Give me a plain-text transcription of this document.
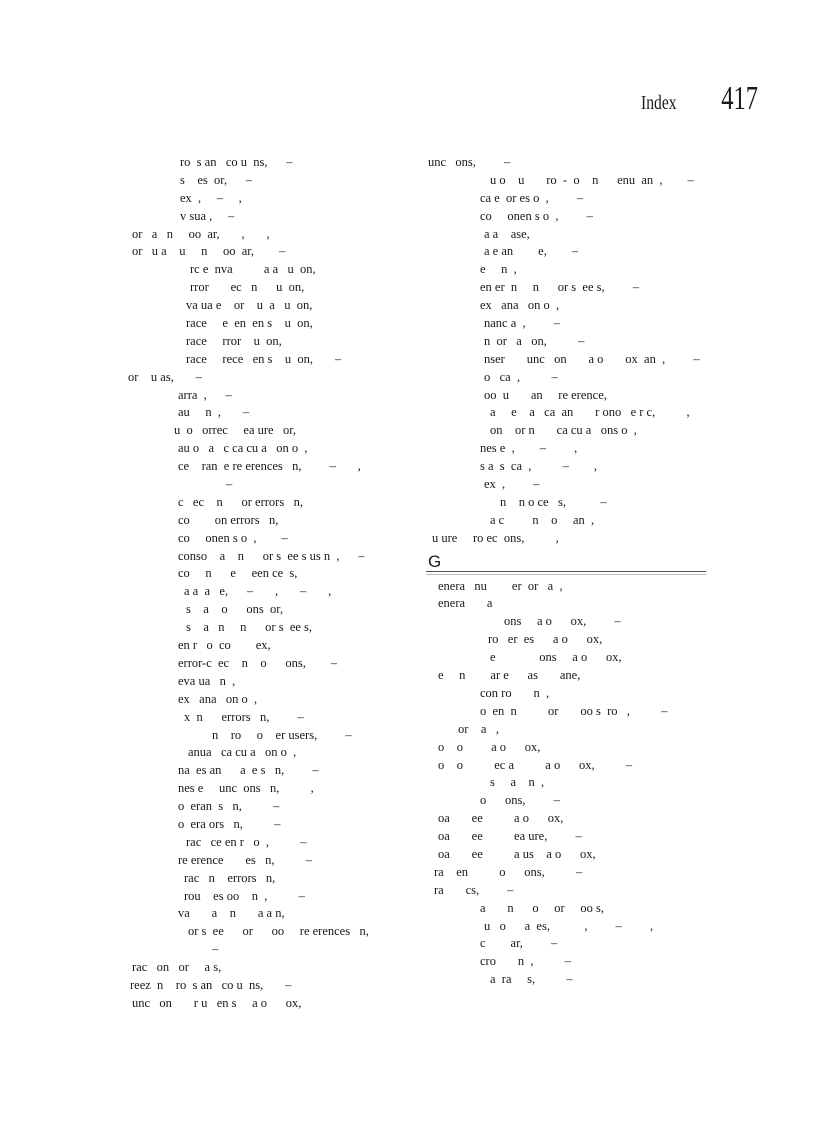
Index 417
ro  s an   co u  ns,      –
s    es  or,      –
ex  ,     –     ,
v sua ,     –
or   a   n     oo  ar,       ,       ,
or   u a    u     n     oo  ar,        –
rc e  nva          a a   u  on,
rror       ec   n      u  on,
va ua e    or    u  a   u  on,
race     e  en  en s    u  on,
race     rror    u  on,
race     rece   en s    u  on,       –
or    u as,       –
arra  ,      –
au     n  ,       –
u  o   orrec     ea ure   or,
au o   a   c ca cu a   on o  ,
ce    ran  e re erences   n,         –       ,
–
c   ec    n      or errors   n,
co        on errors   n,
co     onen s o  ,        –
conso    a    n      or s  ee s us n  ,      –
co     n      e     een ce  s,
a a  a   e,      –       ,       –       ,
s    a    o      ons  or,
s    a   n     n      or s  ee s,
en r   o  co        ex,
error-c  ec    n    o      ons,        –
eva ua   n  ,
ex   ana   on o  ,
x  n      errors   n,         –
n    ro     o    er users,         –
anua   ca cu a   on o  ,
na  es an      a  e s   n,         –
nes e     unc  ons   n,          ,
o  eran  s   n,          –
o  era ors   n,          –
rac   ce en r   o  ,          –
re erence       es   n,          –
rac   n    errors   n,
rou    es oo    n  ,          –
va       a    n       a a n,
or s  ee      or      oo     re erences   n,
–
rac   on   or     a s,
reez  n    ro  s an   co u  ns,       –
unc   on       r u   en s     a o      ox,
unc   ons,         –
u o    u       ro  -  o    n      enu  an  ,        –
ca e  or es o  ,         –
co     onen s o  ,         –
a a    ase,
a e an        e,        –
e     n  ,
en er  n     n      or s  ee s,         –
ex   ana   on o  ,
nanc a  ,         –
n  or   a   on,          –
nser       unc   on       a o       ox  an  ,         –
o   ca  ,          –
oo  u       an     re erence,
a     e    a   ca  an       r ono   e r c,          ,
on    or n       ca cu a   ons o  ,
nes e  ,        –         ,
s a  s  ca  ,          –        ,
ex  ,         –
n    n o ce   s,           –
a c         n    o     an  ,
u ure     ro ec  ons,          ,
G
enera   nu        er  or   a  ,
enera       a
ons     a o      ox,         –
ro   er  es      a o      ox,
e              ons     a o      ox,
e     n        ar e      as       ane,
con ro       n  ,
o  en  n          or       oo s  ro   ,          –
or    a   ,
o    o         a o      ox,
o    o          ec a          a o      ox,          –
s     a    n  ,
o      ons,         –
oa       ee          a o      ox,
oa       ee          ea ure,         –
oa       ee          a us    a o      ox,
ra    en          o      ons,          –
ra       cs,         –
a       n      o     or     oo s,
u   o      a  es,           ,         –         ,
c        ar,         –
cro       n  ,          –
a  ra     s,          –
